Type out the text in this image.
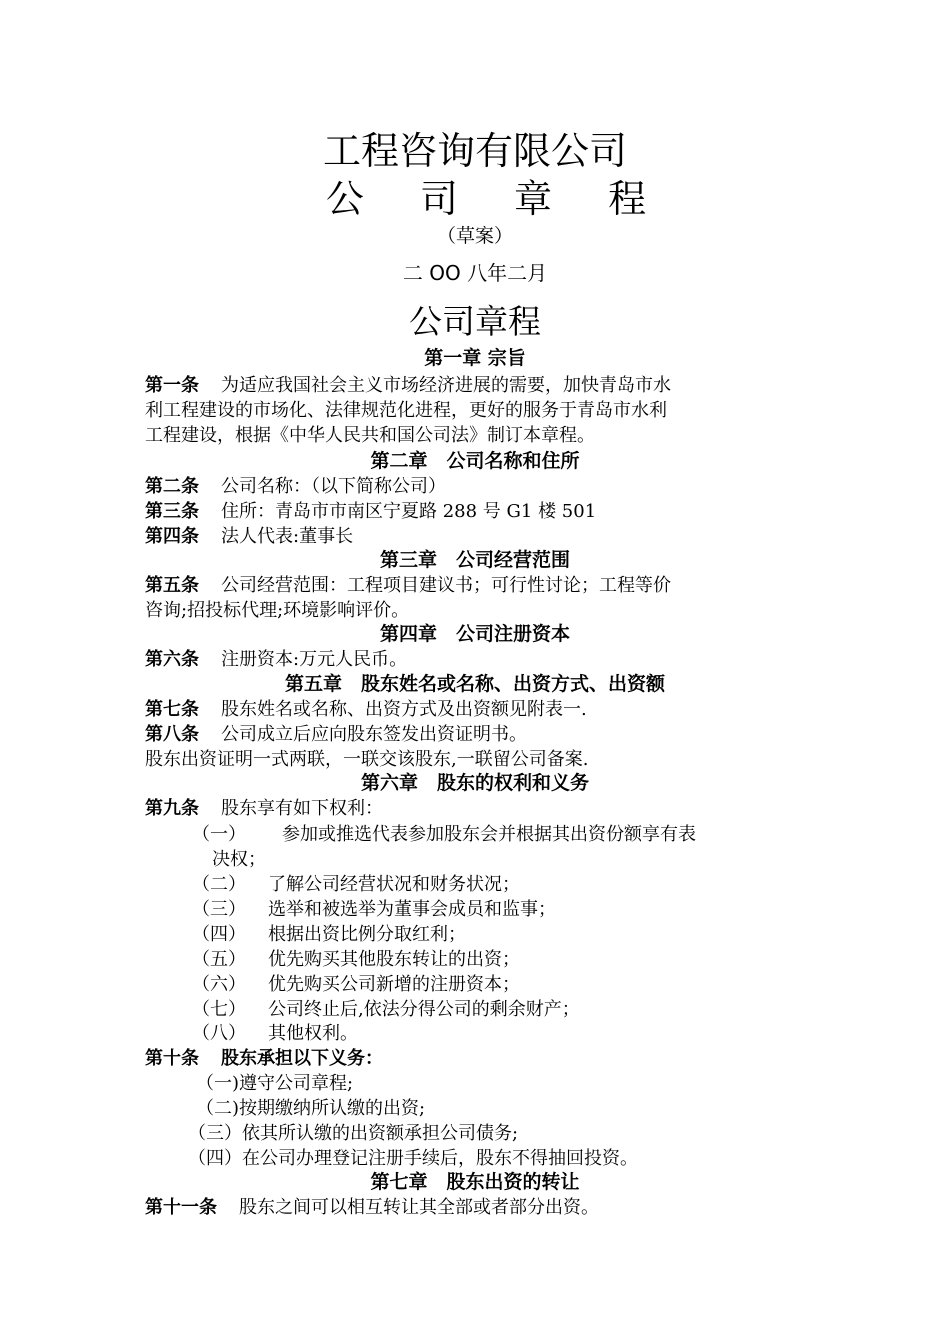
工程咨询有限公司
公 司 章 程
（草案）
二 OO 八年二月
公司章程
第一章 宗旨
第一条 为适应我国社会主义市场经济进展的需要，加快青岛市水
利工程建设的市场化、法律规范化进程，更好的服务于青岛市水利
工程建设，根据《中华人民共和国公司法》制订本章程。
第二章　公司名称和住所
第二条 公司名称：（以下简称公司）
第三条 住所：青岛市市南区宁夏路 288 号 G1 楼 501
第四条 法人代表:董事长
第三章　公司经营范围
第五条 公司经营范围：工程项目建议书；可行性讨论；工程等价
咨询;招投标代理;环境影响评价。
第四章　公司注册资本
第六条 注册资本:万元人民币。
第五章　股东姓名或名称、出资方式、出资额
第七条 股东姓名或名称、出资方式及出资额见附表一.
第八条 公司成立后应向股东签发出资证明书。
股东出资证明一式两联，一联交该股东,一联留公司备案.
第六章　股东的权利和义务
第九条 股东享有如下权利：
（一） 参加或推选代表参加股东会并根据其出资份额享有表
决权；
（二） 了解公司经营状况和财务状况；
（三） 选举和被选举为董事会成员和监事；
（四） 根据出资比例分取红利；
（五） 优先购买其他股东转让的出资；
（六） 优先购买公司新增的注册资本；
（七） 公司终止后,依法分得公司的剩余财产；
（八） 其他权利。
第十条 股东承担以下义务：
（一)遵守公司章程;
（二)按期缴纳所认缴的出资;
（三）依其所认缴的出资额承担公司债务;
（四）在公司办理登记注册手续后，股东不得抽回投资。
第七章　股东出资的转让
第十一条 股东之间可以相互转让其全部或者部分出资。
